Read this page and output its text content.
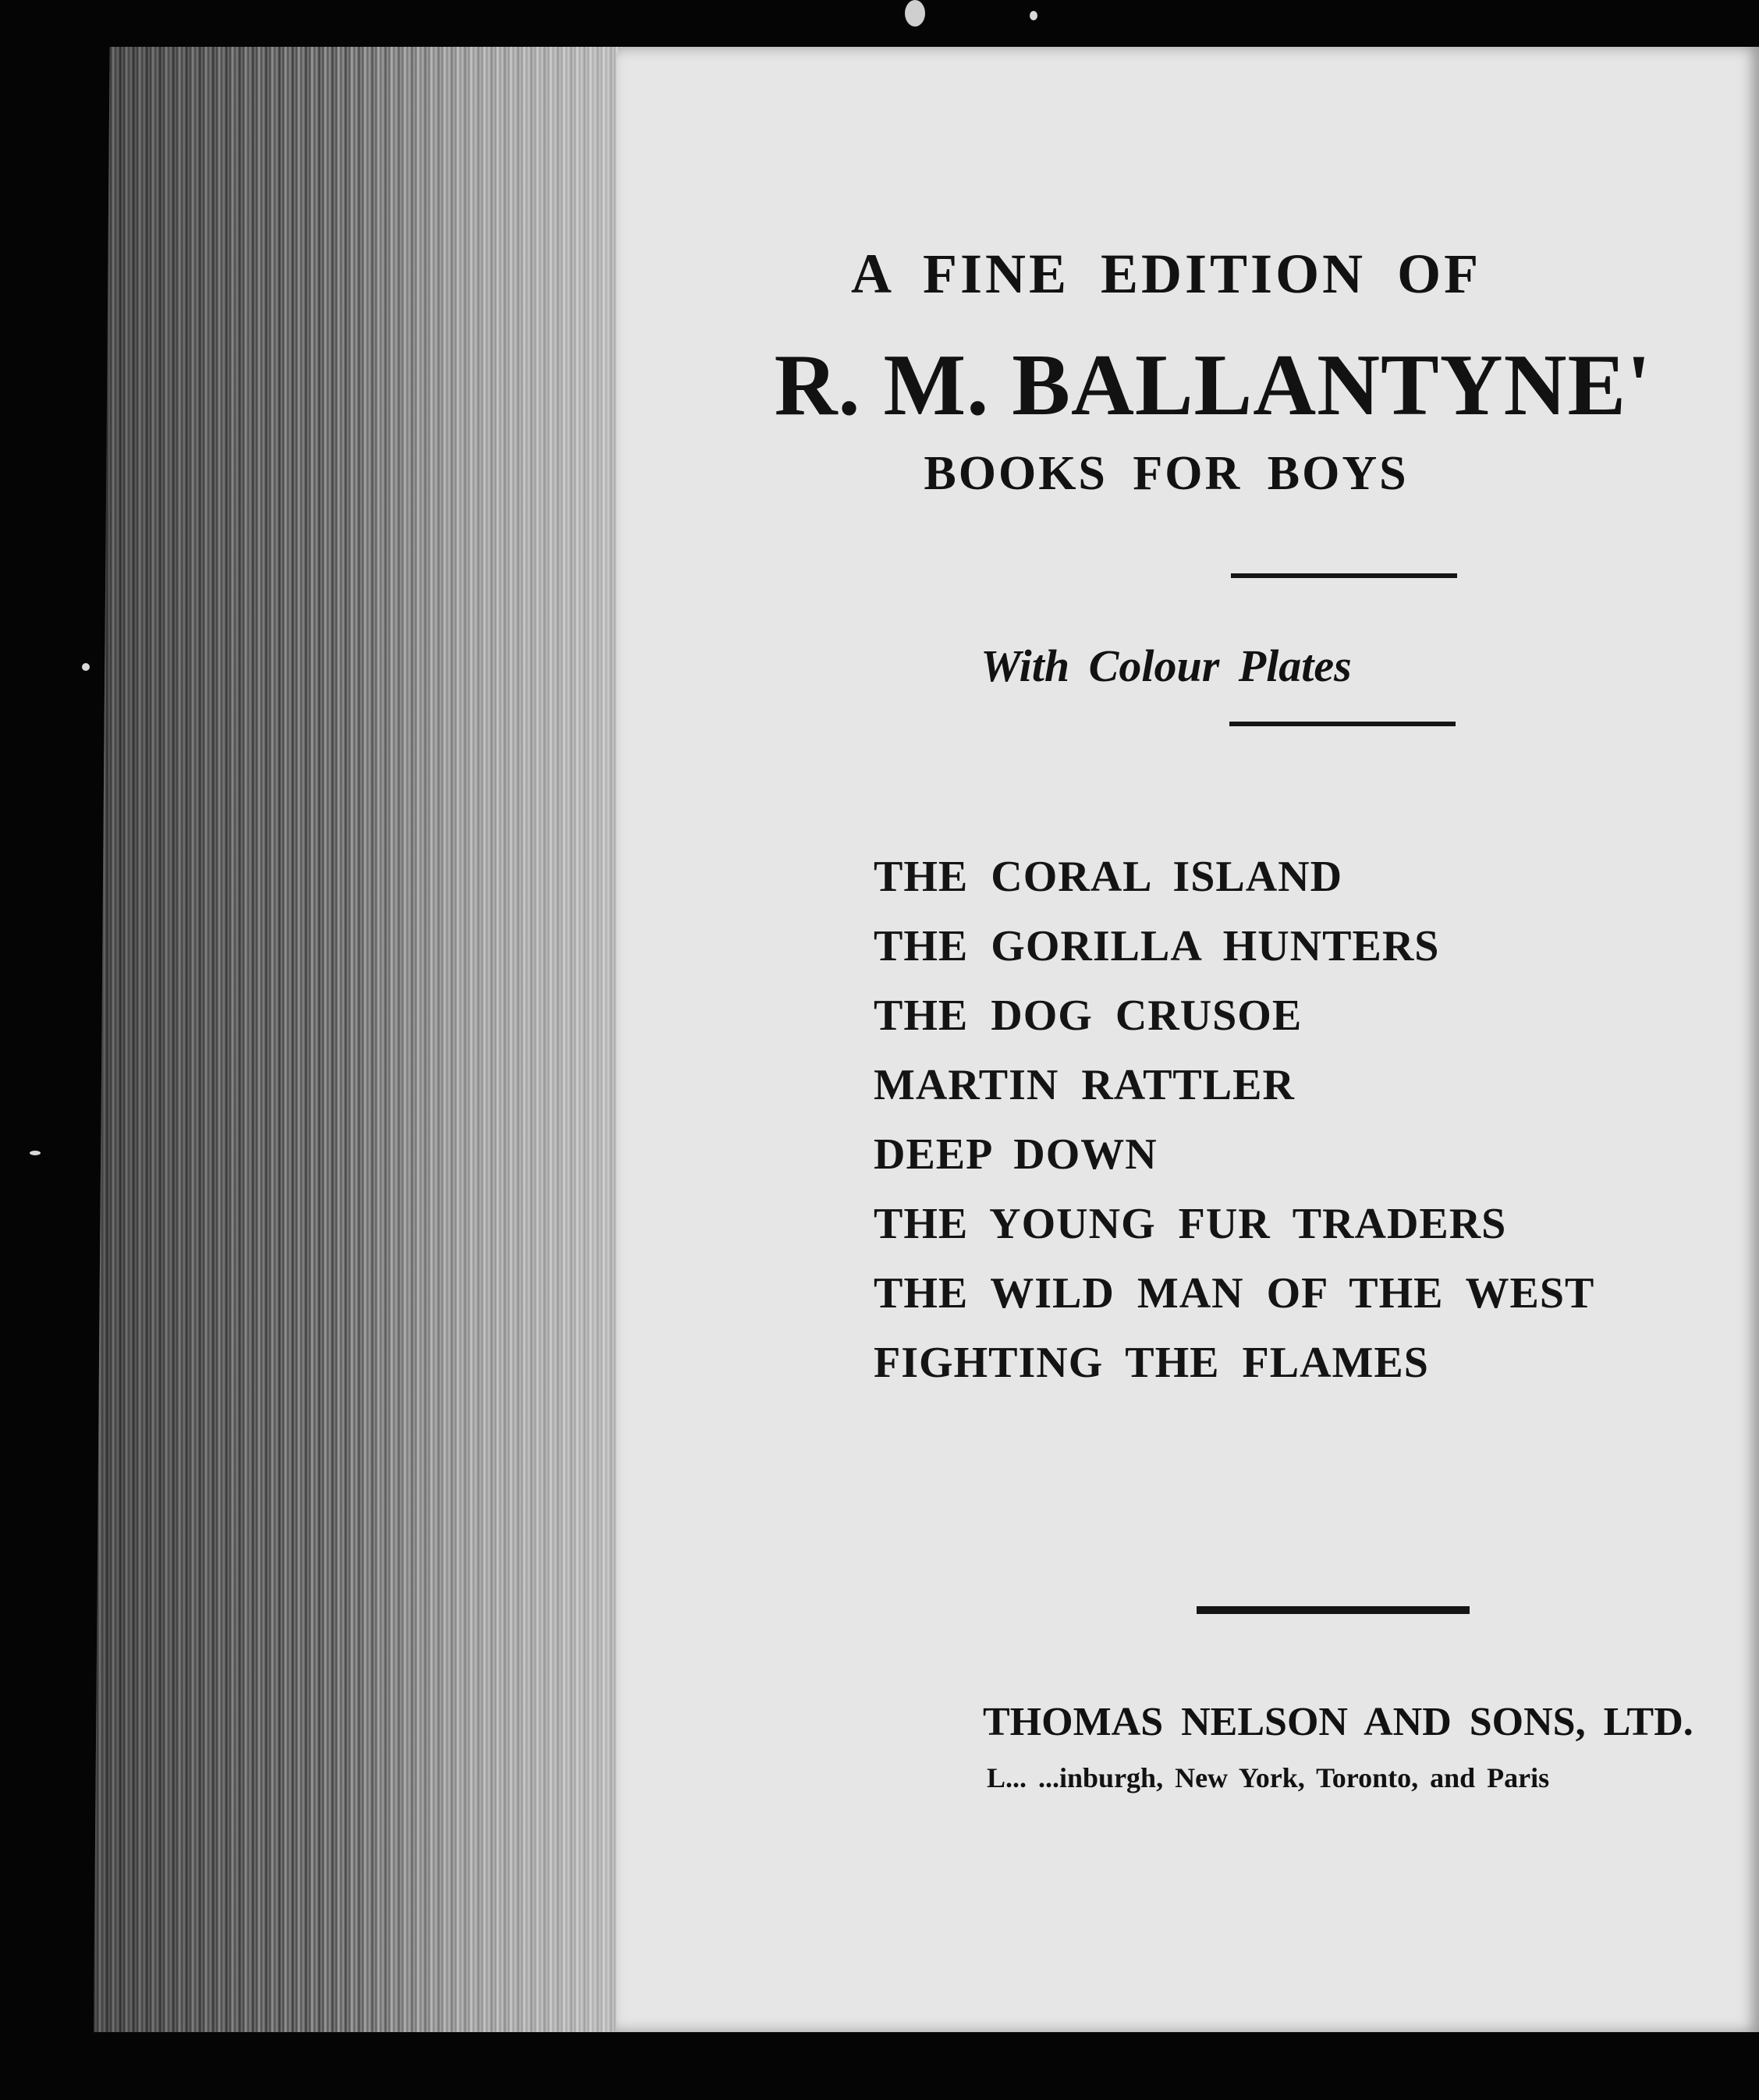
A FINE EDITION OF
R. M. BALLANTYNE'
BOOKS FOR BOYS
With Colour Plates
THE CORAL ISLAND
THE GORILLA HUNTERS
THE DOG CRUSOE
MARTIN RATTLER
DEEP DOWN
THE YOUNG FUR TRADERS
THE WILD MAN OF THE WEST
FIGHTING THE FLAMES
THOMAS NELSON AND SONS, LTD.
L... ...inburgh, New York, Toronto, and Paris
